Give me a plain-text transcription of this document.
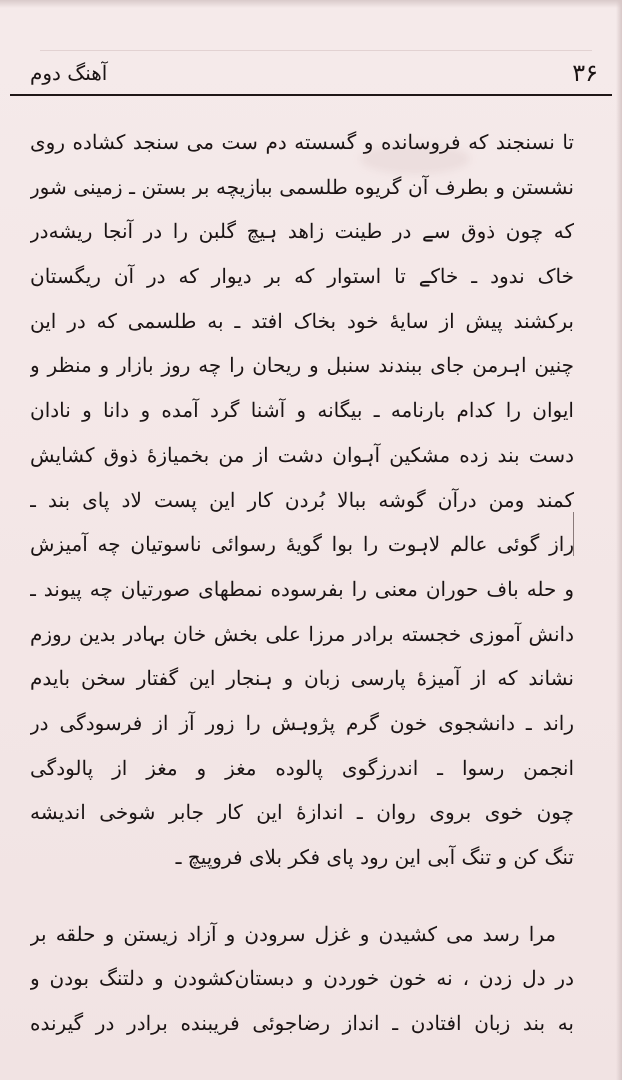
۳۶
آهنگ دوم
تا نسنجند که فروسانده و گسسته دم ست می سنجد کشاده روی
نشستن و بطرف آن گریوه طلسمی ببازیچه بر بستن ـ زمینی شور
که چون ذوق سے در طینت زاهد ہیچ گلبن را در آنجا ریشه‌در
خاک ندود ـ خاکے تا استوار که بر دیوار که در آن ریگستان
برکشند پیش از سایه‌ٔ خود بخاک افتد ـ به طلسمی که در این
چنین اہرمن جای ببندند سنبل و ریحان را چه روز بازار و منظر و
ایوان را کدام بارنامه ـ بیگانه و آشنا گرد آمده و دانا و نادان
دست بند زده مشکین آہوان دشت از من بخمیازه‌ٔ ذوق کشایش
کمند ومن درآن گوشه ببالا بُردن کار این پست لاد پای بند ـ
راز گوئی عالم لاہوت را بوا گویه‌ٔ رسوائی ناسوتیان چه آمیزش
و حله باف حوران معنی را بفرسوده نمطهای صورتیان چه پیوند ـ
دانش آموزی خجسته برادر مرزا علی بخش خان بہادر بدین روزم
نشاند که از آمیزهٔ پارسی زبان و ہنجار این گفتار سخن بایدم
راند ـ دانشجوی خون گرم پژوہش را زور آز از فرسودگی در
انجمن رسوا ـ اندرزگوی پالوده مغز و مغز از پالودگی
چون خوی بروی روان ـ اندازهٔ این کار جابر شوخی اندیشه
تنگ کن و تنگ آبی این رود پای فکر بلای فروپیچ ـ
مرا رسد می کشیدن و غزل سرودن و آزاد زیستن و حلقه بر
در دل زدن ، نه خون خوردن و دبستان‌کشودن و دلتنگ بودن و
به بند زبان افتادن ـ انداز رضاجوئی فریبنده برادر در گیرنده
